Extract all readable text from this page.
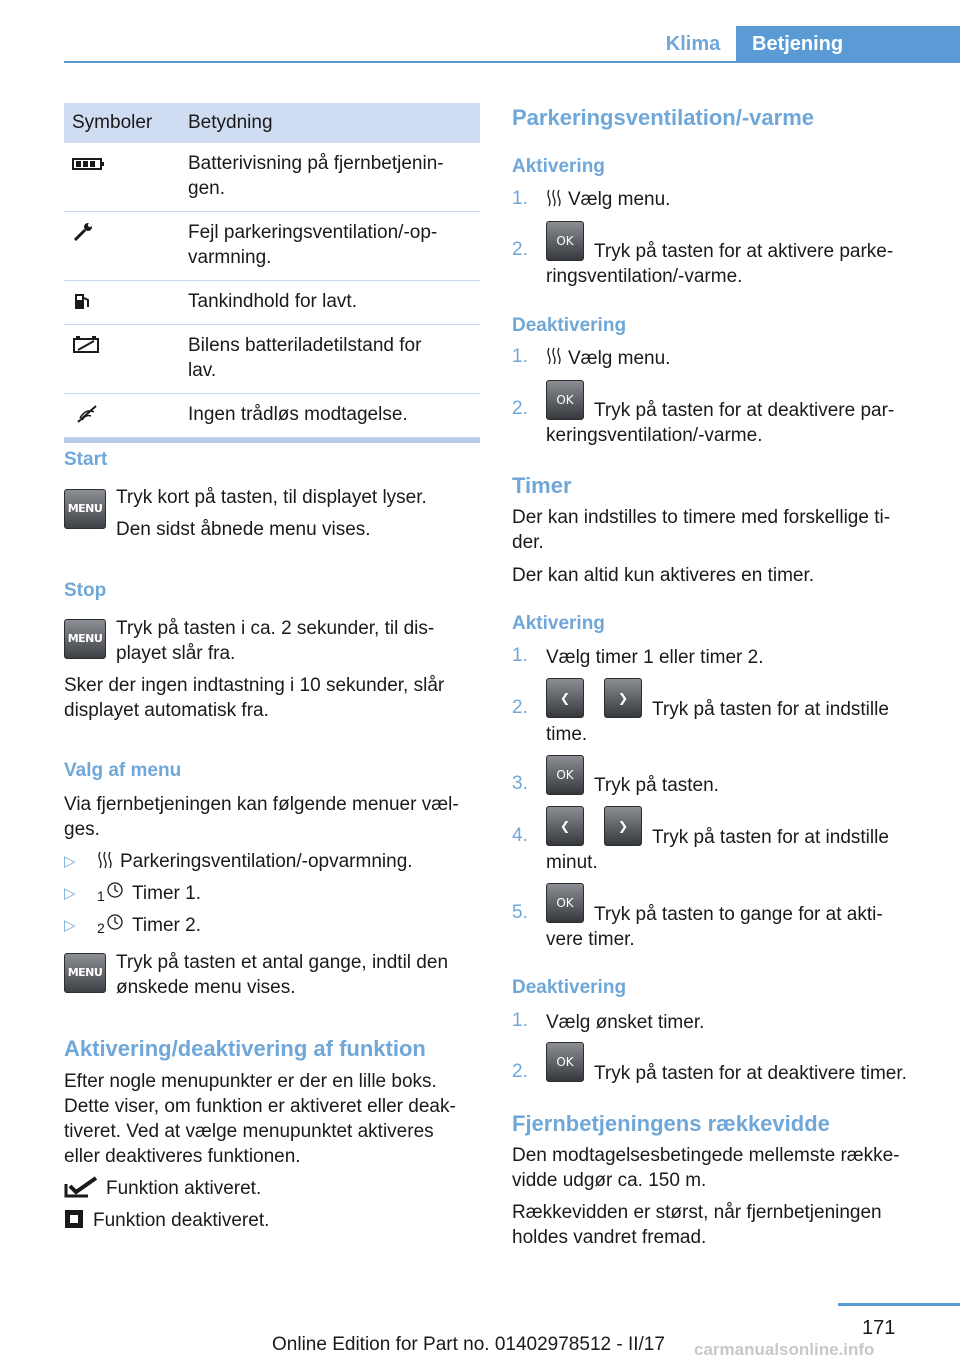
Klima	Betjening
Symboler	Betydning
Batterivisning på fjernbetjenin-
gen.
Fejl parkeringsventilation/-op-
varmning.
Tankindhold for lavt.
Bilens batteriladetilstand for
lav.
Ingen trådløs modtagelse.
Start
MENU
Tryk kort på tasten, til displayet lyser.
Den sidst åbnede menu vises.
Stop
MENU Tryk på tasten i ca. 2 sekunder, til dis-
playet slår fra.
Sker der ingen indtastning i 10 sekunder, slår
displayet automatisk fra.
Valg af menu
Via fjernbetjeningen kan følgende menuer væl-
ges.
▷ Parkeringsventilation/-opvarmning.
▷ 1 Timer 1.
▷ 2 Timer 2.
MENU Tryk på tasten et antal gange, indtil den
ønskede menu vises.
Aktivering/deaktivering af funktion
Efter nogle menupunkter er der en lille boks.
Dette viser, om funktion er aktiveret eller deak-
tiveret. Ved at vælge menupunktet aktiveres
eller deaktiveres funktionen.
Funktion aktiveret.
Funktion deaktiveret.
Parkeringsventilation/-varme
Aktivering
1. Vælg menu.
2.	OK	Tryk på tasten for at aktivere parke-
ringsventilation/-varme.
Deaktivering
1. Vælg menu.
2.	OK	Tryk på tasten for at deaktivere par-
keringsventilation/-varme.
Timer
Der kan indstilles to timere med forskellige ti-
der.
Der kan altid kun aktiveres en timer.
Aktivering
1. Vælg timer 1 eller timer 2.
2.	❮	❯
Tryk på tasten for at indstille
time.
3.	OK	Tryk på tasten.
4.	❮	❯
Tryk på tasten for at indstille
minut.
5.	OK
Tryk på tasten to gange for at akti-
vere timer.
Deaktivering
1. Vælg ønsket timer.
2.	OK
Tryk på tasten for at deaktivere timer.
Fjernbetjeningens rækkevidde
Den modtagelsesbetingede mellemste række-
vidde udgør ca. 150 m.
Rækkevidden er størst, når fjernbetjeningen
holdes vandret fremad.
171
Online Edition for Part no. 01402978512 - II/17 carmanualsonline.info
